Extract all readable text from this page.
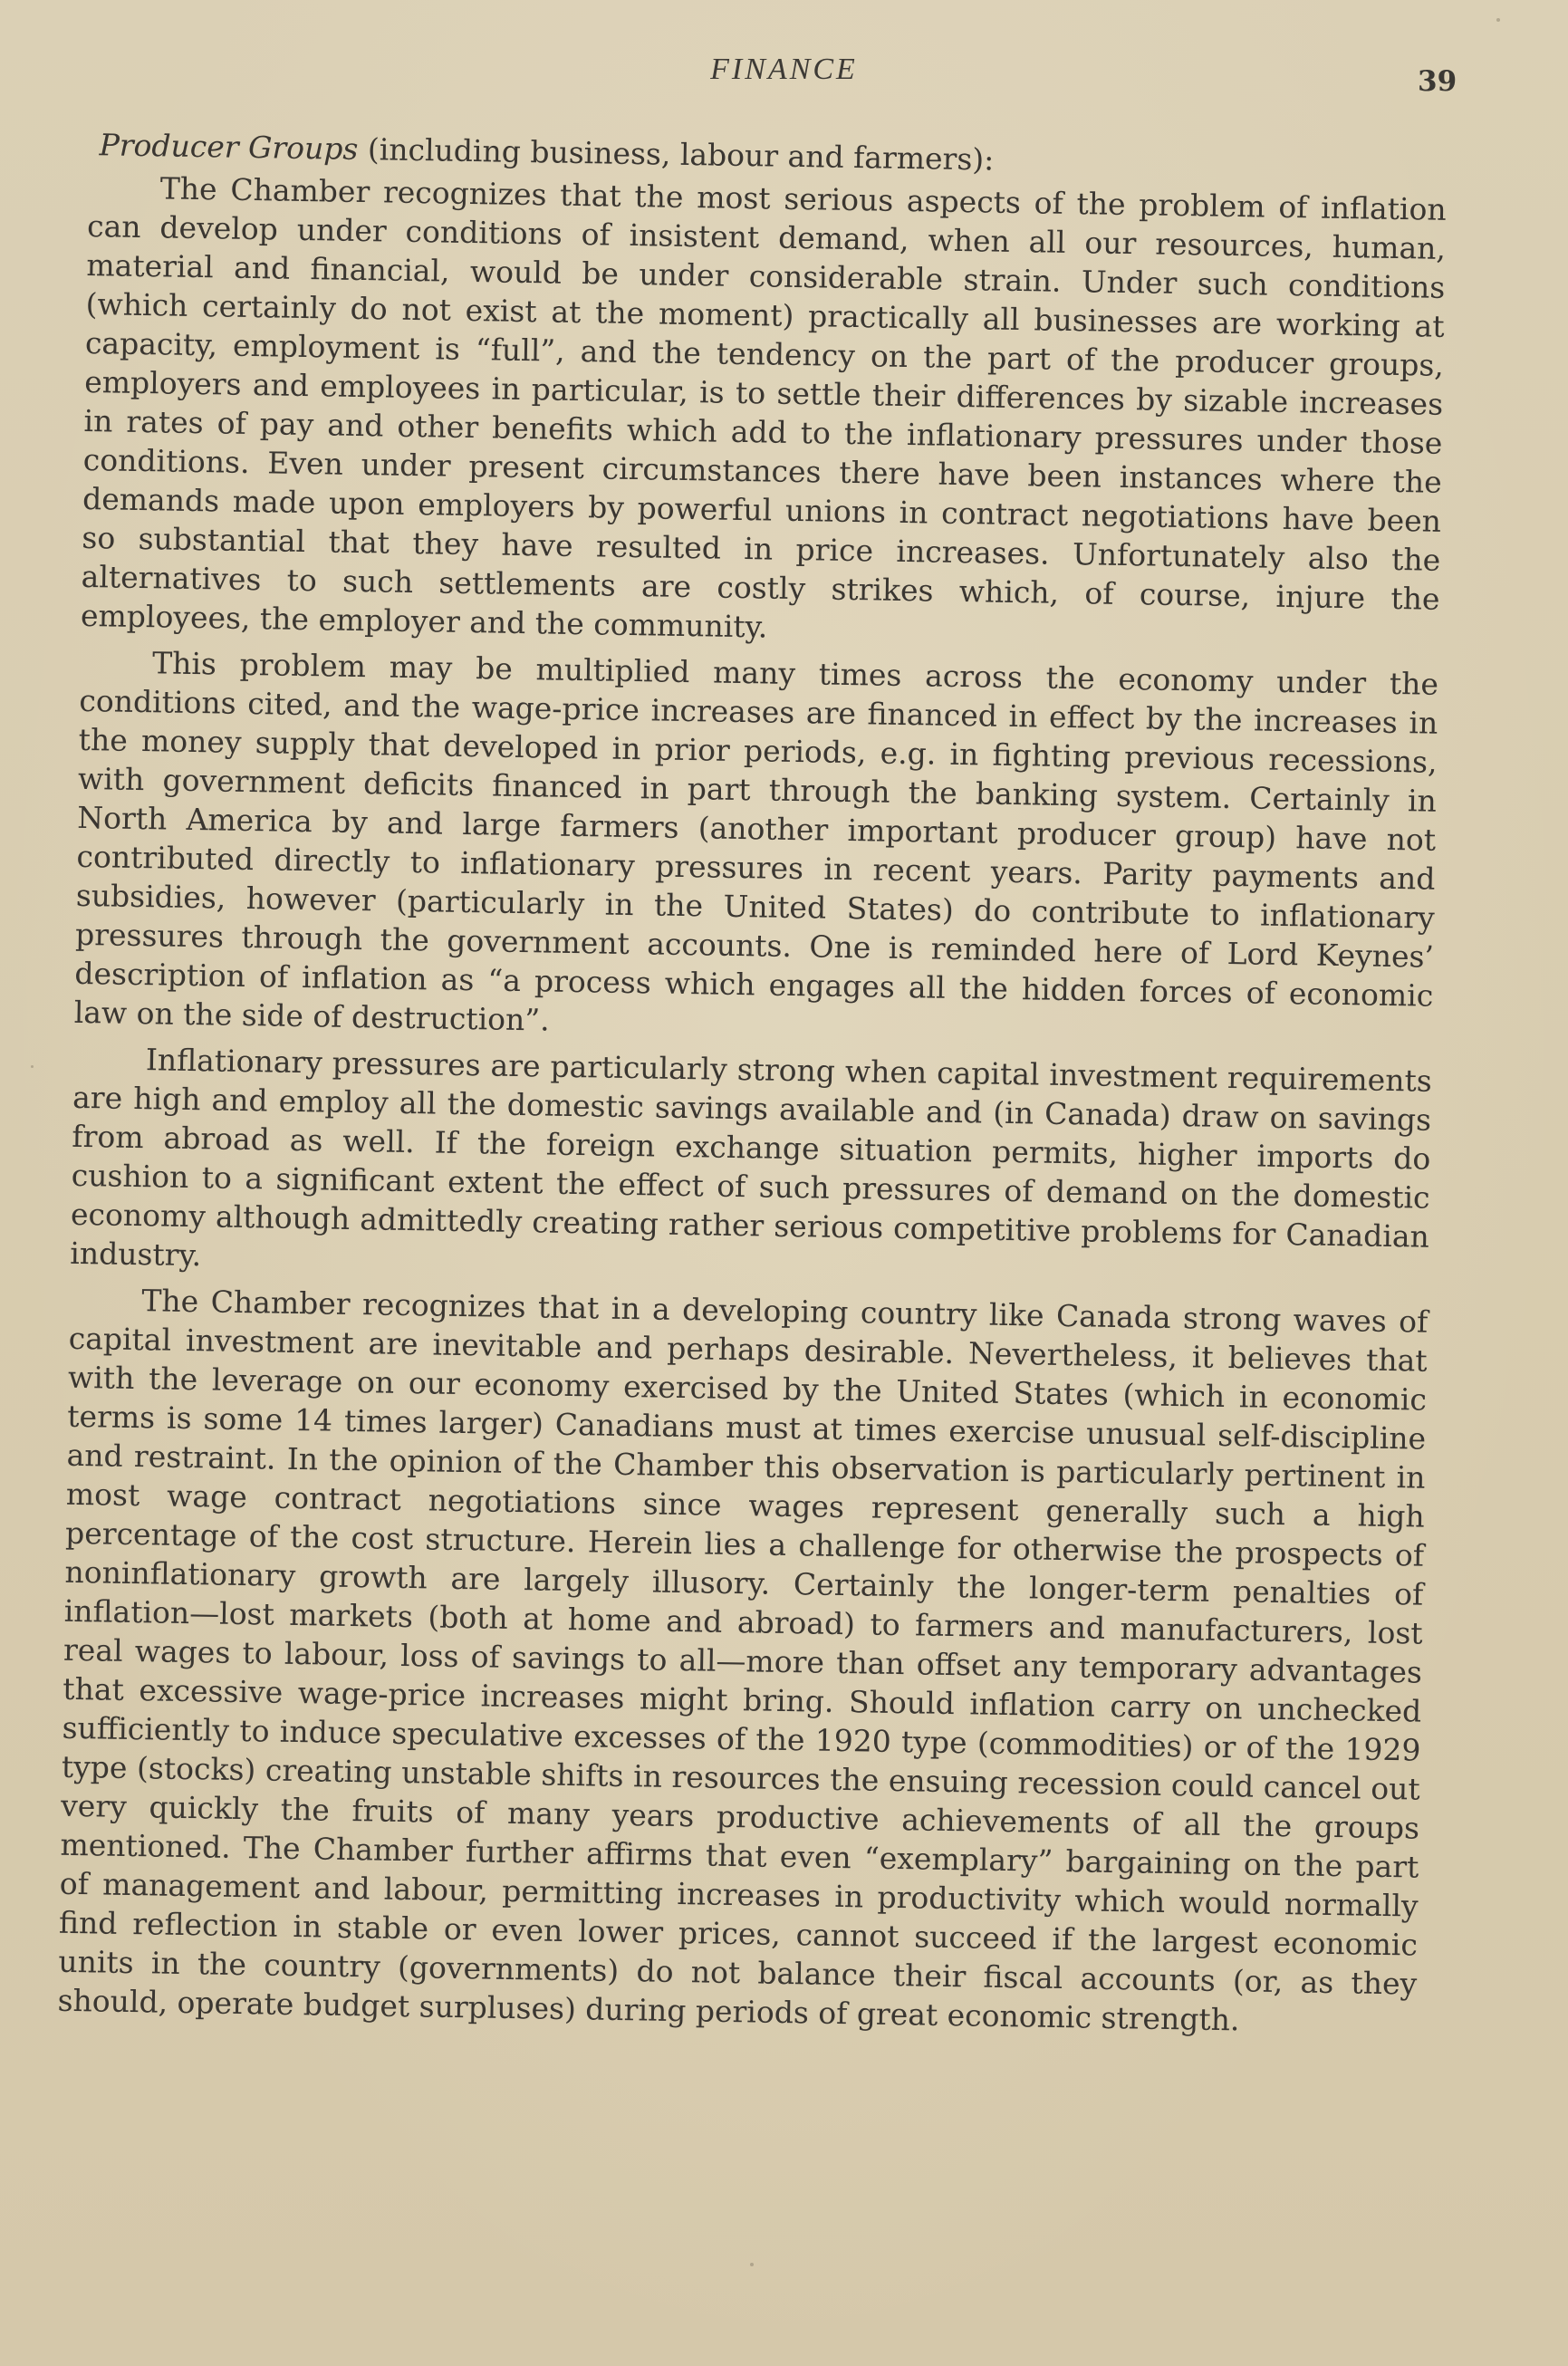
FINANCE	39
Producer Groups (including business, labour and farmers):

The Chamber recognizes that the most serious aspects of the problem of inflation can develop under conditions of insistent demand, when all our resources, human, material and financial, would be under considerable strain. Under such conditions (which certainly do not exist at the moment) practically all businesses are working at capacity, employment is “full”, and the tendency on the part of the producer groups, employers and employees in particular, is to settle their differences by sizable increases in rates of pay and other benefits which add to the inflationary pressures under those conditions. Even under present circumstances there have been instances where the demands made upon employers by powerful unions in contract negotiations have been so substantial that they have resulted in price increases. Unfortunately also the alternatives to such settlements are costly strikes which, of course, injure the employees, the employer and the community.

This problem may be multiplied many times across the economy under the conditions cited, and the wage-price increases are financed in effect by the increases in the money supply that developed in prior periods, e.g. in fighting previous recessions, with government deficits financed in part through the banking system. Certainly in North America by and large farmers (another important producer group) have not contributed directly to inflationary pressures in recent years. Parity payments and subsidies, however (particularly in the United States) do contribute to inflationary pressures through the government accounts. One is reminded here of Lord Keynes’ description of inflation as “a process which engages all the hidden forces of economic law on the side of destruction”.

Inflationary pressures are particularly strong when capital investment requirements are high and employ all the domestic savings available and (in Canada) draw on savings from abroad as well. If the foreign exchange situation permits, higher imports do cushion to a significant extent the effect of such pressures of demand on the domestic economy although admittedly creating rather serious competitive problems for Canadian industry.

The Chamber recognizes that in a developing country like Canada strong waves of capital investment are inevitable and perhaps desirable. Nevertheless, it believes that with the leverage on our economy exercised by the United States (which in economic terms is some 14 times larger) Canadians must at times exercise unusual self-discipline and restraint. In the opinion of the Chamber this observation is particularly pertinent in most wage contract negotiations since wages represent generally such a high percentage of the cost structure. Herein lies a challenge for otherwise the prospects of noninflationary growth are largely illusory. Certainly the longer-term penalties of inflation—lost markets (both at home and abroad) to farmers and manufacturers, lost real wages to labour, loss of savings to all—more than offset any temporary advantages that excessive wage-price increases might bring. Should inflation carry on unchecked sufficiently to induce speculative excesses of the 1920 type (commodities) or of the 1929 type (stocks) creating unstable shifts in resources the ensuing recession could cancel out very quickly the fruits of many years productive achievements of all the groups mentioned. The Chamber further affirms that even “exemplary” bargaining on the part of management and labour, permitting increases in productivity which would normally find reflection in stable or even lower prices, cannot succeed if the largest economic units in the country (governments) do not balance their fiscal accounts (or, as they should, operate budget surpluses) during periods of great economic strength.
